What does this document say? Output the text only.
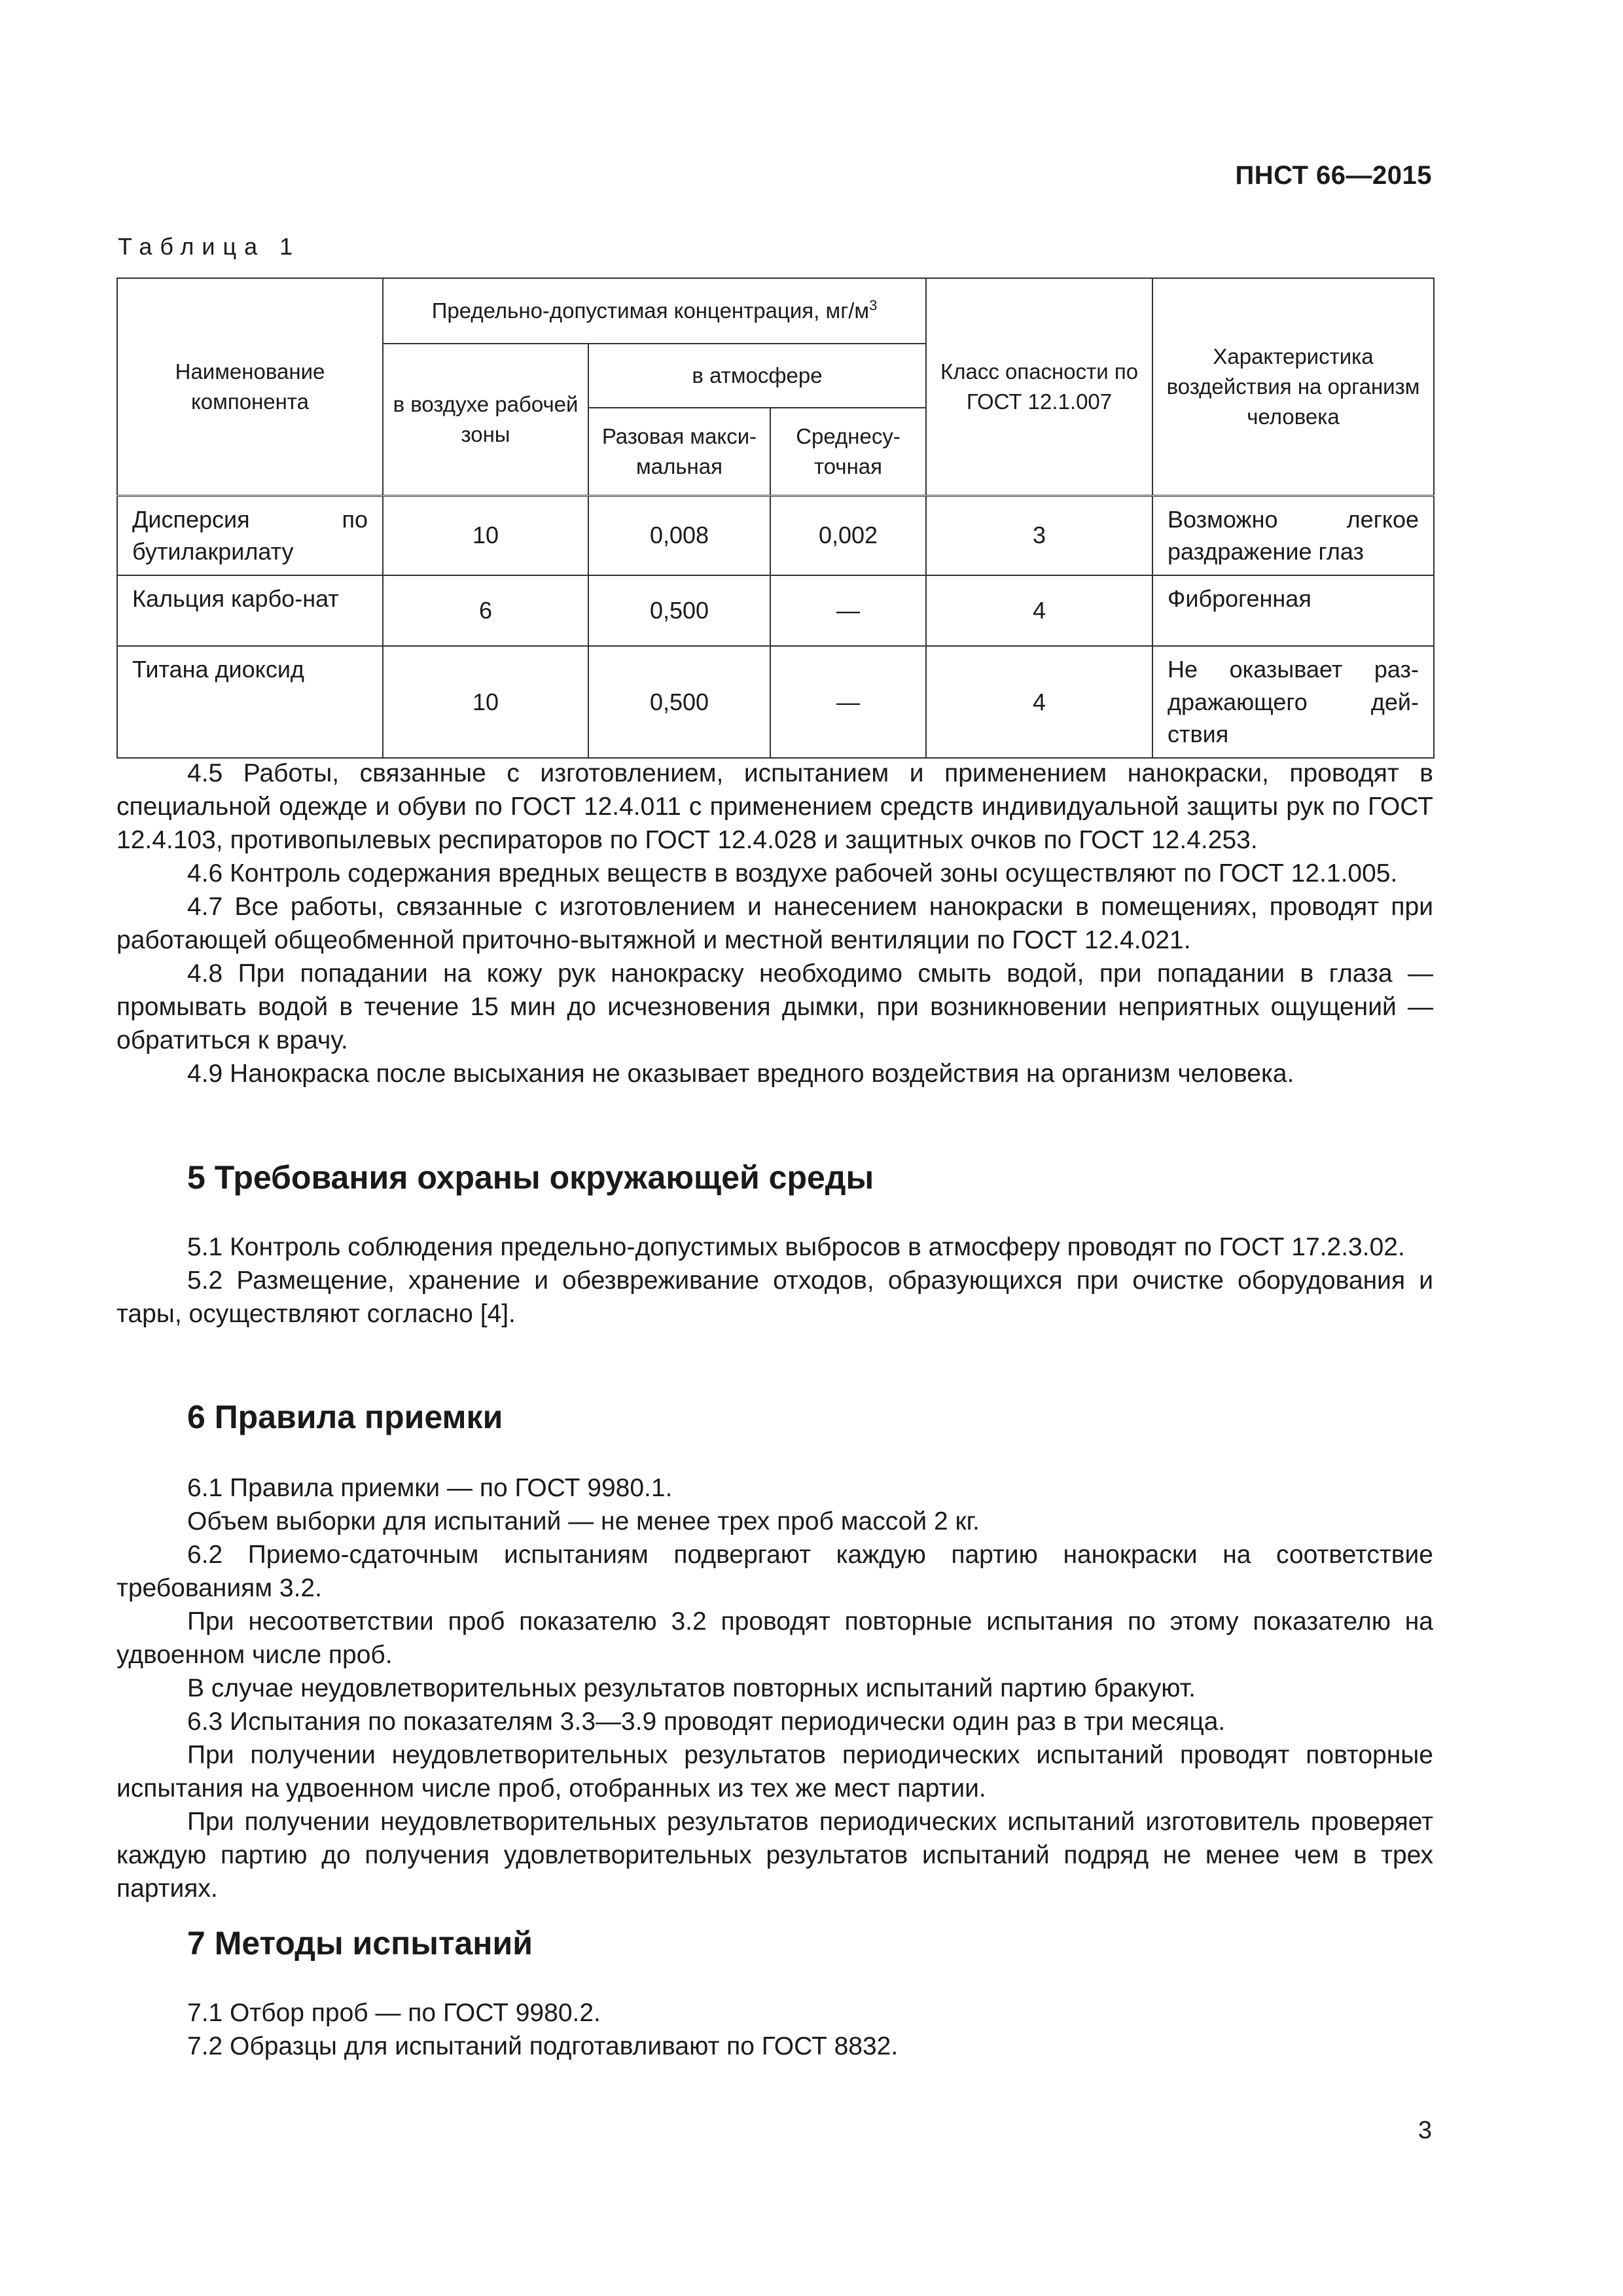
ПНСТ 66—2015
Таблица 1
Наименование компонента	Предельно-допустимая концентрация, $мг/м^3$			Класс опасности по ГОСТ 12.1.007	Характеристика воздействия на организм человека
	в воздухе рабочей зоны	в атмосфере			
		Разовая макси-мальная	Среднесу-точная		
Дисперсия по бутилакрилату	10	0,008	0,002	3	Возможно легкое раздражение глаз
Кальция карбо-нат	6	0,500	—	4	Фиброгенная
Титана диоксид	10	0,500	—	4	Не оказывает раз-дражающего дей-ствия

4.5 Работы, связанные с изготовлением, испытанием и применением нанокраски, проводят в специальной одежде и обуви по ГОСТ 12.4.011 с применением средств индивидуальной защиты рук по ГОСТ 12.4.103, противопылевых респираторов по ГОСТ 12.4.028 и защитных очков по ГОСТ 12.4.253.

4.6 Контроль содержания вредных веществ в воздухе рабочей зоны осуществляют по ГОСТ 12.1.005.

4.7 Все работы, связанные с изготовлением и нанесением нанокраски в помещениях, проводят при работающей общеобменной приточно-вытяжной и местной вентиляции по ГОСТ 12.4.021.

4.8 При попадании на кожу рук нанокраску необходимо смыть водой, при попадании в глаза — промывать водой в течение 15 мин до исчезновения дымки, при возникновении неприятных ощущений — обратиться к врачу.

4.9 Нанокраска после высыхания не оказывает вредного воздействия на организм человека.

5 Требования охраны окружающей среды

5.1 Контроль соблюдения предельно-допустимых выбросов в атмосферу проводят по ГОСТ 17.2.3.02.

5.2 Размещение, хранение и обезвреживание отходов, образующихся при очистке оборудования и тары, осуществляют согласно [4].

6 Правила приемки

6.1 Правила приемки — по ГОСТ 9980.1.

Объем выборки для испытаний — не менее трех проб массой 2 кг.

6.2 Приемо-сдаточным испытаниям подвергают каждую партию нанокраски на соответствие требованиям 3.2.

При несоответствии проб показателю 3.2 проводят повторные испытания по этому показателю на удвоенном числе проб.

В случае неудовлетворительных результатов повторных испытаний партию бракуют.

6.3 Испытания по показателям 3.3—3.9 проводят периодически один раз в три месяца.

При получении неудовлетворительных результатов периодических испытаний проводят повторные испытания на удвоенном числе проб, отобранных из тех же мест партии.

При получении неудовлетворительных результатов периодических испытаний изготовитель проверяет каждую партию до получения удовлетворительных результатов испытаний подряд не менее чем в трех партиях.

7 Методы испытаний

7.1 Отбор проб — по ГОСТ 9980.2.

7.2 Образцы для испытаний подготавливают по ГОСТ 8832.

3
